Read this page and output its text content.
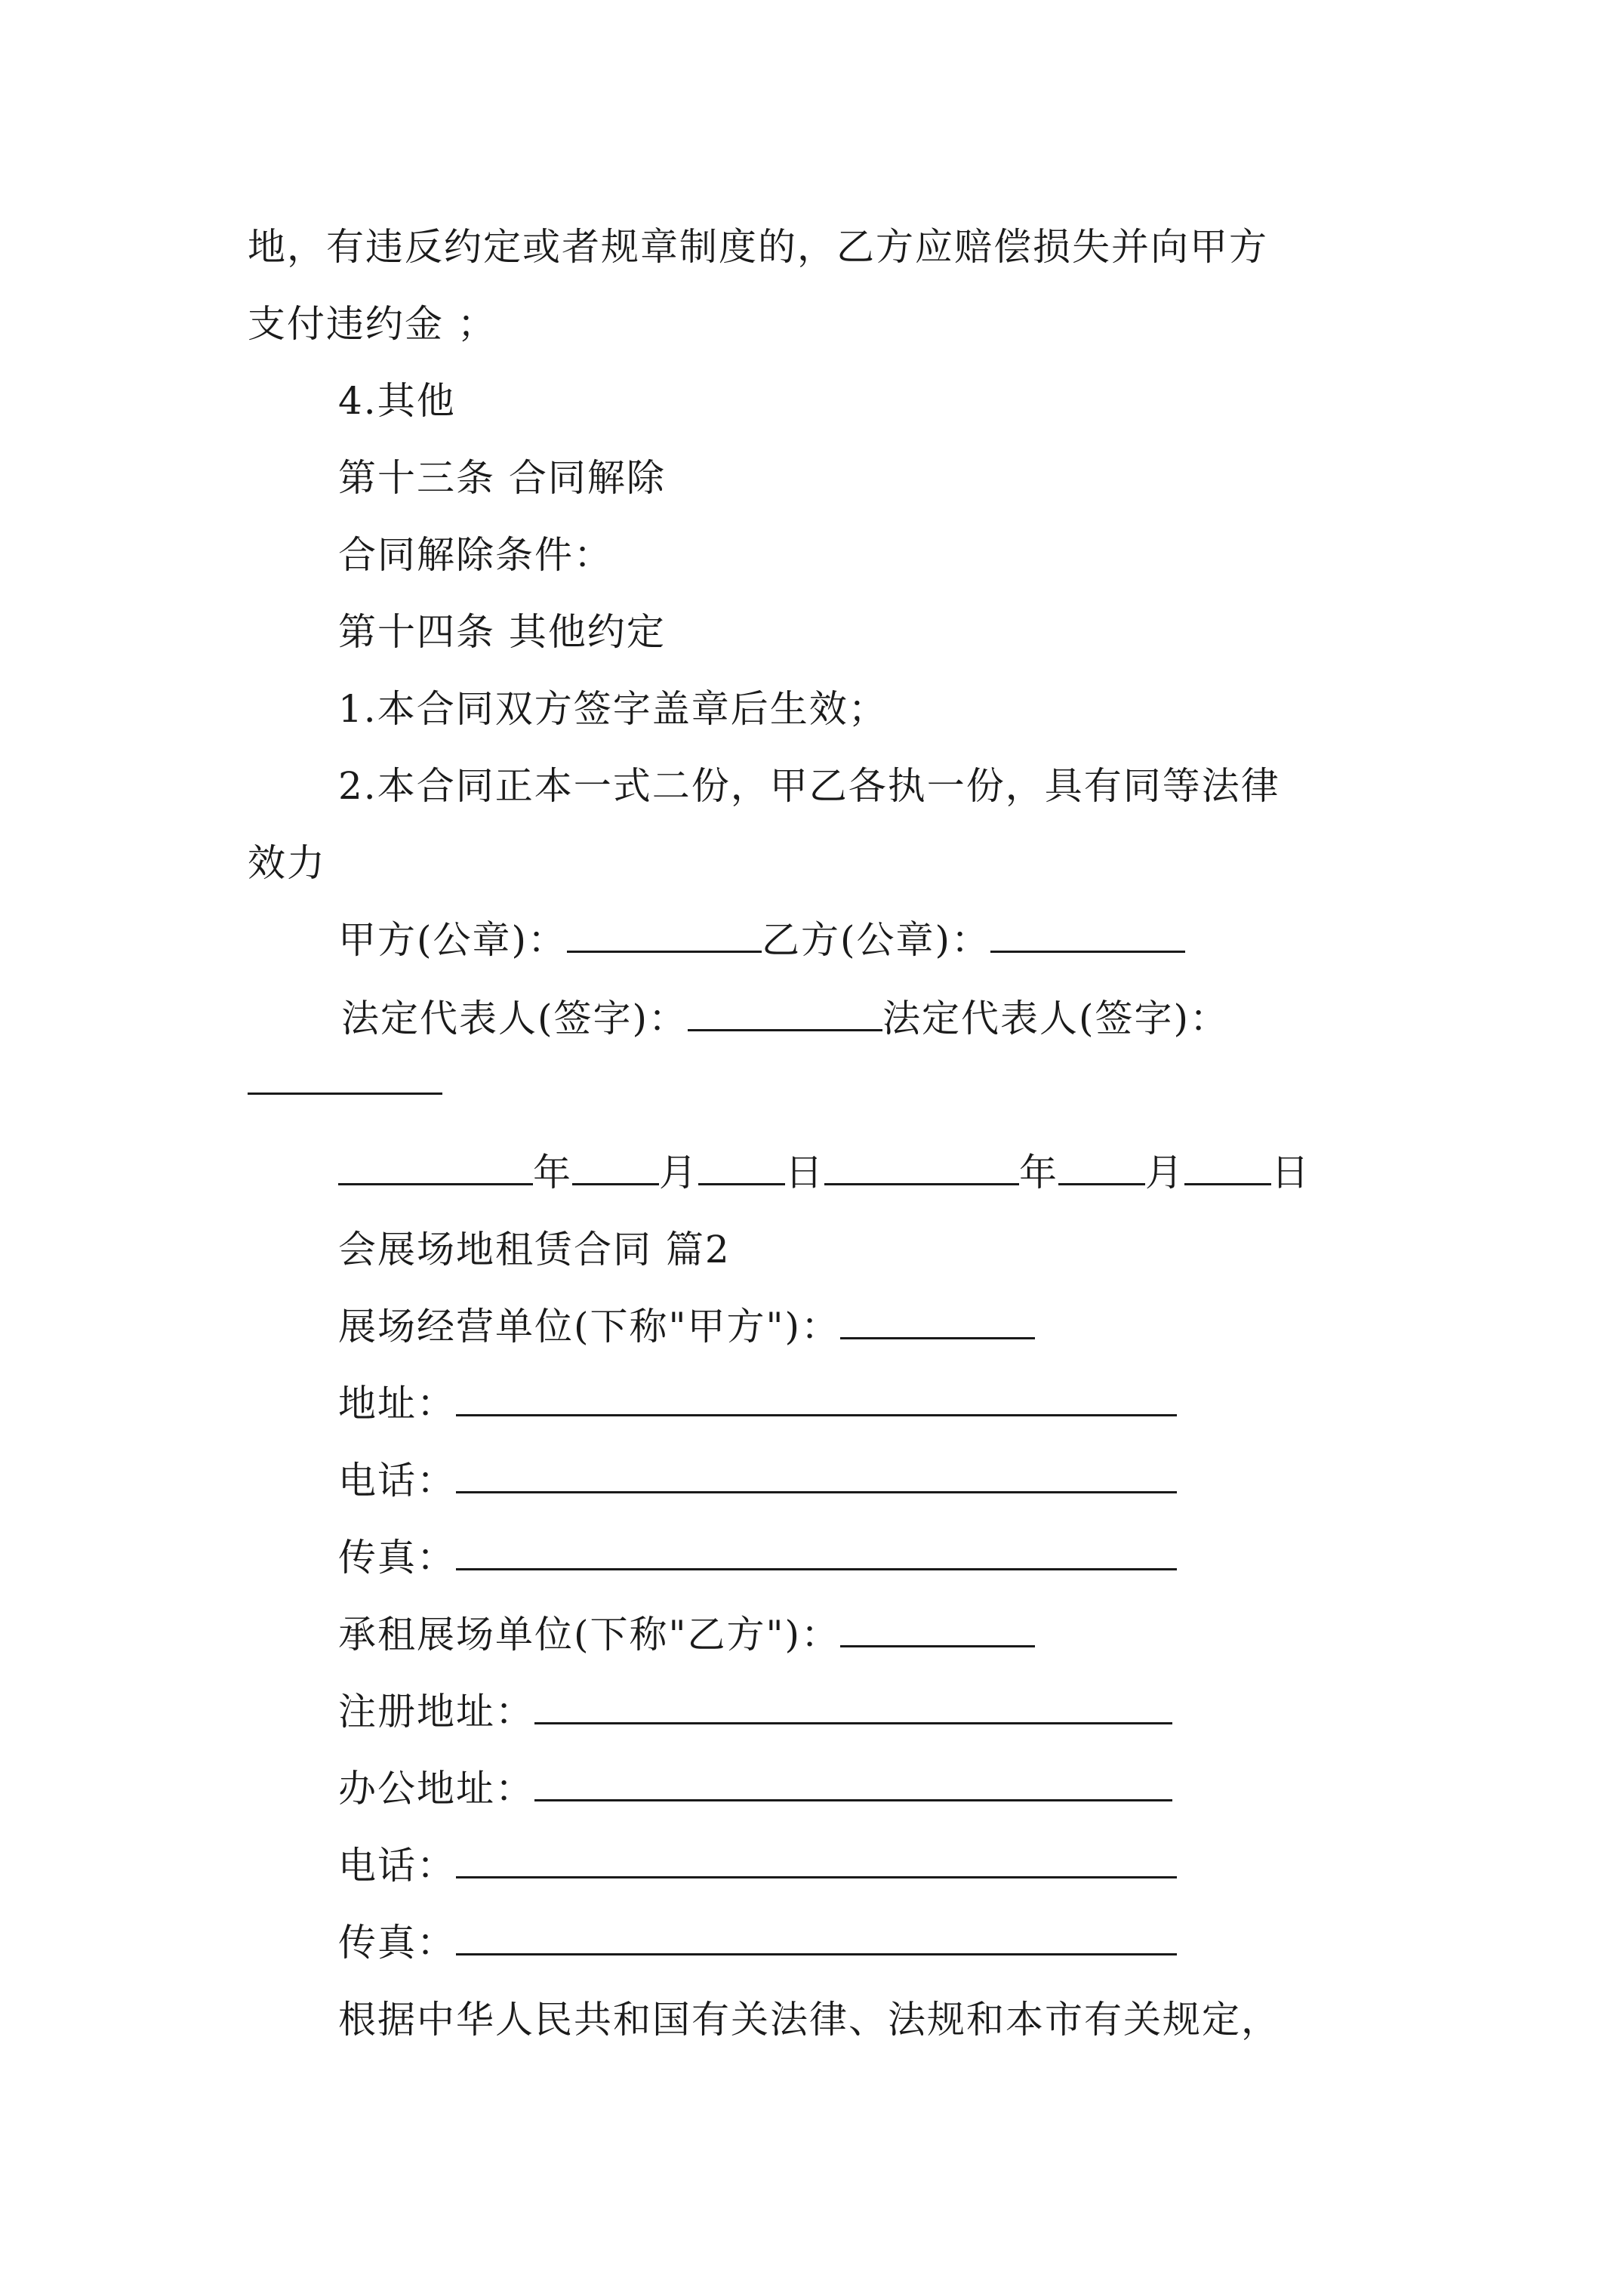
地，有违反约定或者规章制度的，乙方应赔偿损失并向甲方
支付违约金 ；
4.其他
第十三条 合同解除
合同解除条件：
第十四条 其他约定
1.本合同双方签字盖章后生效；
2.本合同正本一式二份，甲乙各执一份，具有同等法律
效力
甲方(公章)：	乙方(公章)：
法定代表人(签字)：	法定代表人(签字)：
年 月 日	年 月 日
会展场地租赁合同 篇2
展场经营单位(下称"甲方")：
地址：
电话：
传真：
承租展场单位(下称"乙方")：
注册地址：
办公地址：
电话：
传真：
根据中华人民共和国有关法律、法规和本市有关规定，
